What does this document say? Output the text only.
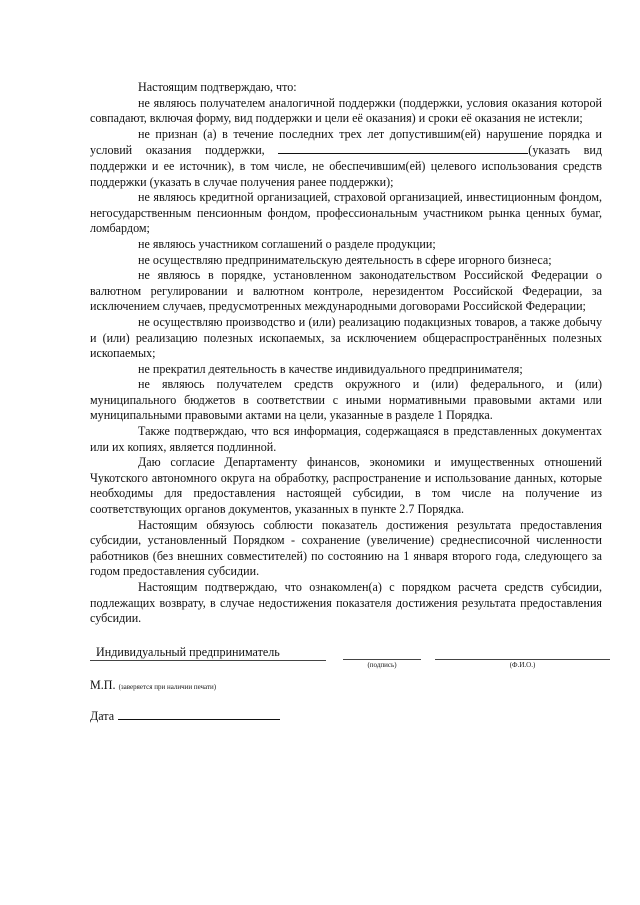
Настоящим подтверждаю, что:

не являюсь получателем аналогичной поддержки (поддержки, условия оказания которой совпадают, включая форму, вид поддержки и цели её оказания) и сроки её оказания не истекли;

не признан (а) в течение последних трех лет допустившим(ей) нарушение порядка и условий оказания поддержки,	(указать вид поддержки и ее источник), в том числе, не обеспечившим(ей) целевого использования средств поддержки (указать в случае получения ранее поддержки);

не являюсь кредитной организацией, страховой организацией, инвестиционным фондом, негосударственным пенсионным фондом, профессиональным участником рынка ценных бумаг, ломбардом;

не являюсь участником соглашений о разделе продукции;

не осуществляю предпринимательскую деятельность в сфере игорного бизнеса;

не являюсь в порядке, установленном законодательством Российской Федерации о валютном регулировании и валютном контроле, нерезидентом Российской Федерации, за исключением случаев, предусмотренных международными договорами Российской Федерации;

не осуществляю производство и (или) реализацию подакцизных товаров, а также добычу и (или) реализацию полезных ископаемых, за исключением общераспространённых полезных ископаемых;

не прекратил деятельность в качестве индивидуального предпринимателя;

не являюсь получателем средств окружного и (или) федерального, и (или) муниципального бюджетов в соответствии с иными нормативными правовыми актами или муниципальными правовыми актами на цели, указанные в разделе 1 Порядка.

Также подтверждаю, что вся информация, содержащаяся в представленных документах или их копиях, является подлинной.

Даю согласие Департаменту финансов, экономики и имущественных отношений Чукотского автономного округа на обработку, распространение и использование данных, которые необходимы для предоставления настоящей субсидии, в том числе на получение из соответствующих органов документов, указанных в пункте 2.7 Порядка.

Настоящим обязуюсь соблюсти показатель достижения результата предоставления субсидии, установленный Порядком - сохранение (увеличение) среднесписочной численности работников (без внешних совместителей) по состоянию на 1 января второго года, следующего за годом предоставления субсидии.

Настоящим подтверждаю, что ознакомлен(а) с порядком расчета средств субсидии, подлежащих возврату, в случае недостижения показателя достижения результата предоставления субсидии.

Индивидуальный предприниматель
(подпись)	(Ф.И.О.)
М.П. (заверяется при наличии печати)
Дата
